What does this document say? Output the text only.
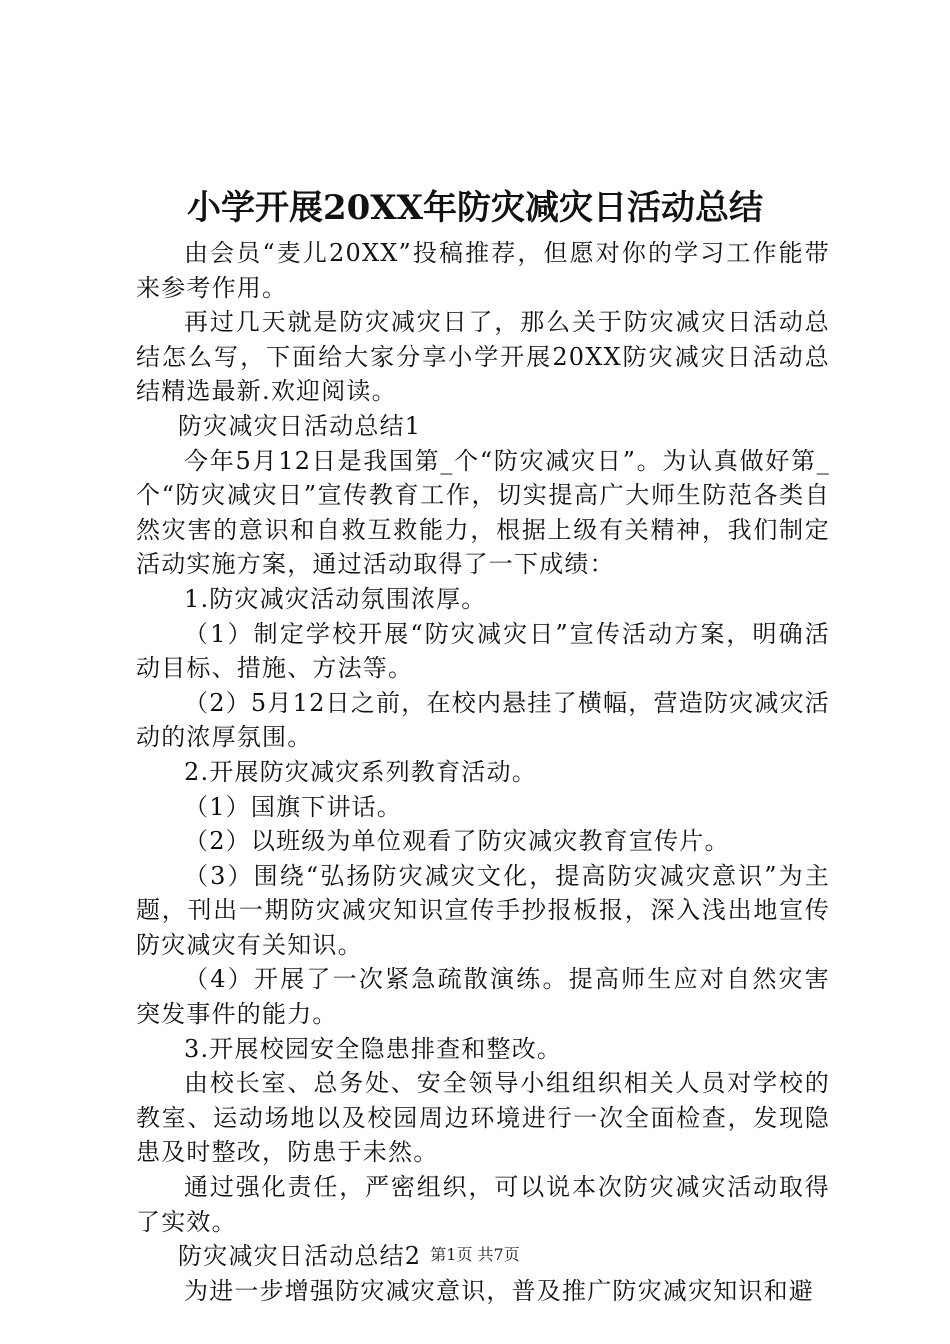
小学开展20XX年防灾减灾日活动总结

由会员“麦儿20XX”投稿推荐，但愿对你的学习工作能带来参考作用。

再过几天就是防灾减灾日了，那么关于防灾减灾日活动总结怎么写，下面给大家分享小学开展20XX防灾减灾日活动总结精选最新.欢迎阅读。

防灾减灾日活动总结1

今年5月12日是我国第_个“防灾减灾日”。为认真做好第_个“防灾减灾日”宣传教育工作，切实提高广大师生防范各类自然灾害的意识和自救互救能力，根据上级有关精神，我们制定活动实施方案，通过活动取得了一下成绩：

1.防灾减灾活动氛围浓厚。

（1）制定学校开展“防灾减灾日”宣传活动方案，明确活动目标、措施、方法等。

（2）5月12日之前，在校内悬挂了横幅，营造防灾减灾活动的浓厚氛围。

2.开展防灾减灾系列教育活动。

（1）国旗下讲话。

（2）以班级为单位观看了防灾减灾教育宣传片。

（3）围绕“弘扬防灾减灾文化，提高防灾减灾意识”为主题，刊出一期防灾减灾知识宣传手抄报板报，深入浅出地宣传防灾减灾有关知识。

（4）开展了一次紧急疏散演练。提高师生应对自然灾害突发事件的能力。

3.开展校园安全隐患排查和整改。

由校长室、总务处、安全领导小组组织相关人员对学校的教室、运动场地以及校园周边环境进行一次全面检查，发现隐患及时整改，防患于未然。

通过强化责任，严密组织，可以说本次防灾减灾活动取得了实效。

防灾减灾日活动总结2

为进一步增强防灾减灾意识，普及推广防灾减灾知识和避

第1页 共7页
